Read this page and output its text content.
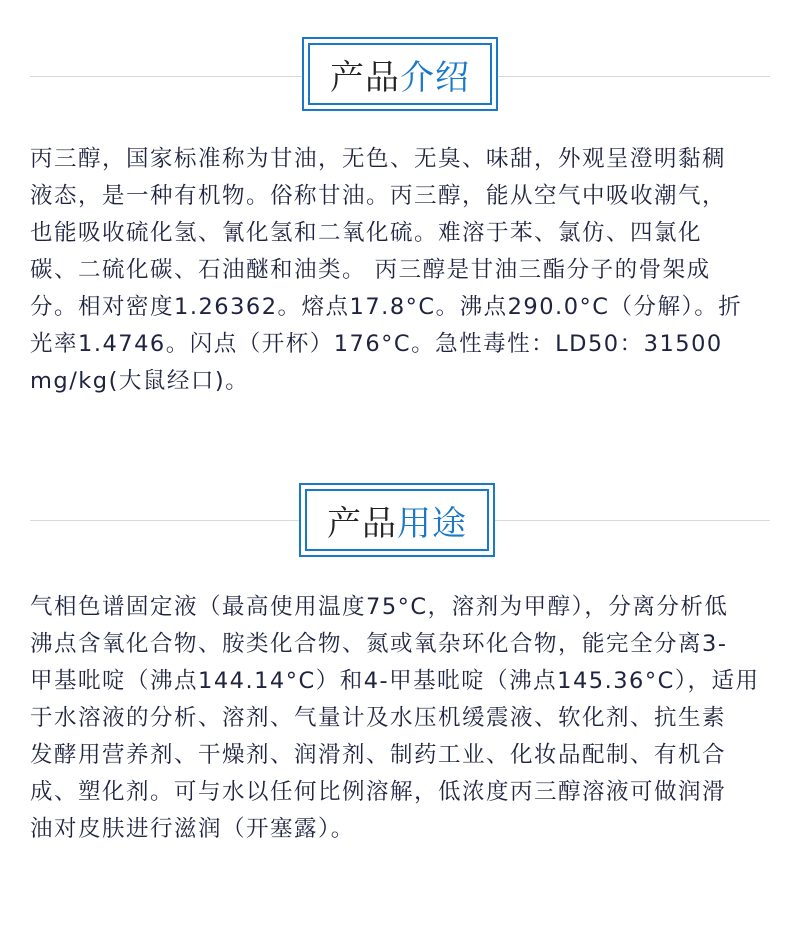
产品 介绍
丙三醇，国家标准称为甘油，无色、无臭、味甜，外观呈澄明黏稠
液态，是一种有机物。俗称甘油。丙三醇，能从空气中吸收潮气，
也能吸收硫化氢、氰化氢和二氧化硫。难溶于苯、氯仿、四氯化
碳、二硫化碳、石油醚和油类。 丙三醇是甘油三酯分子的骨架成
分。相对密度1.26362。熔点17.8°C。沸点290.0°C（分解）。折
光率1.4746。闪点（开杯）176°C。急性毒性：LD50：31500
mg/kg(大鼠经口)。
产品 用途
气相色谱固定液（最高使用温度75°C，溶剂为甲醇），分离分析低
沸点含氧化合物、胺类化合物、氮或氧杂环化合物，能完全分离3-
甲基吡啶（沸点144.14°C）和4-甲基吡啶（沸点145.36°C），适用
于水溶液的分析、溶剂、气量计及水压机缓震液、软化剂、抗生素
发酵用营养剂、干燥剂、润滑剂、制药工业、化妆品配制、有机合
成、塑化剂。可与水以任何比例溶解，低浓度丙三醇溶液可做润滑
油对皮肤进行滋润（开塞露）。
